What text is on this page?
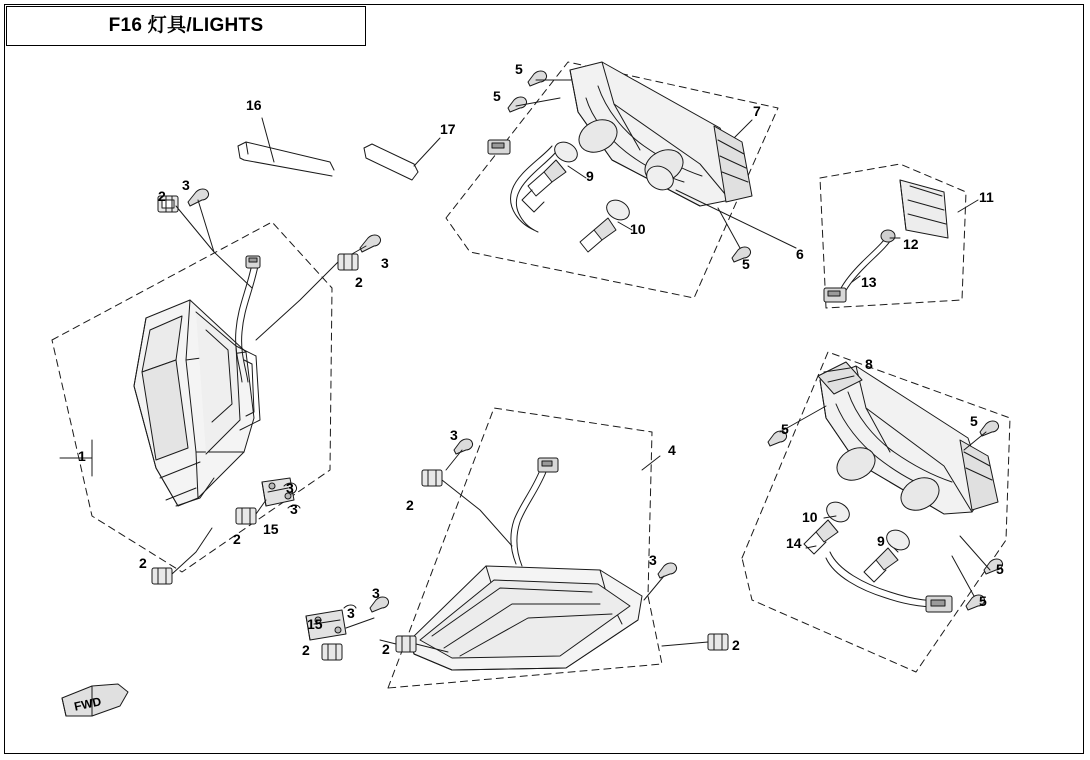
F16 灯具/LIGHTS
FWD
1
2
3
2
3
3
3
15
2
2
16
17
5
5
7
9
10
6
5
11
12
13
8
5	5
10
14	9
5
5
4
3
2
3
2
3
3
15
2	2
